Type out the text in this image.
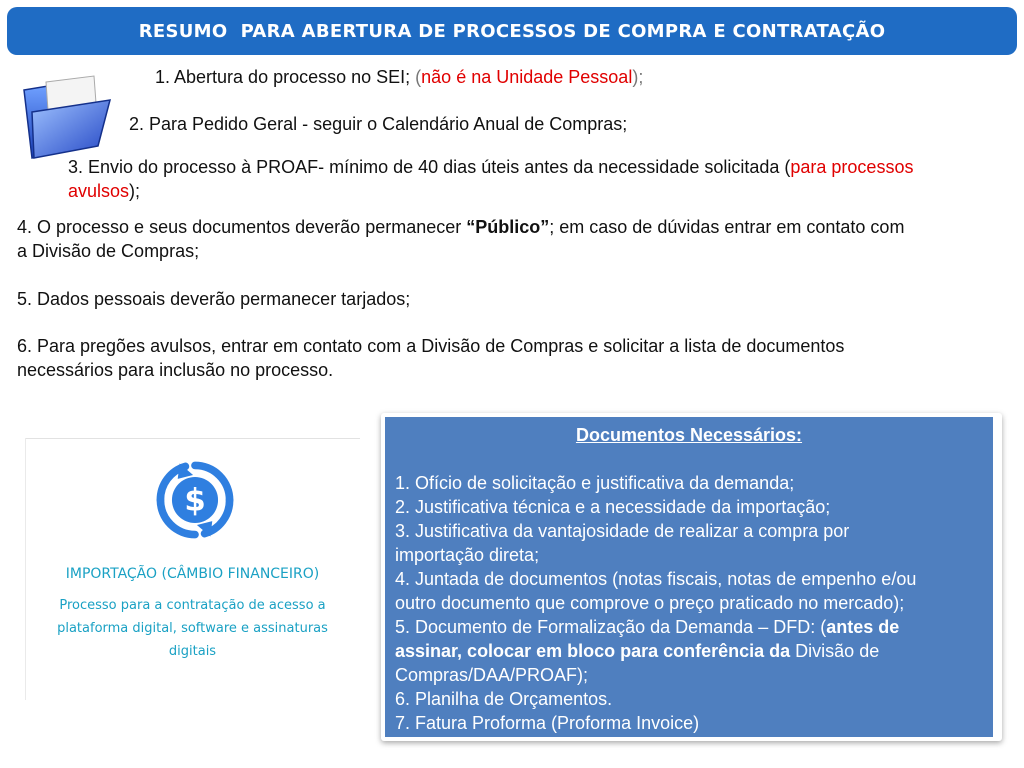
RESUMO  PARA ABERTURA DE PROCESSOS DE COMPRA E CONTRATAÇÃO
1. Abertura do processo no SEI; (não é na Unidade Pessoal);
2. Para Pedido Geral - seguir o Calendário Anual de Compras;
3. Envio do processo à PROAF- mínimo de 40 dias úteis antes da necessidade solicitada (para processos
avulsos);
4. O processo e seus documentos deverão permanecer “Público”; em caso de dúvidas entrar em contato com
a Divisão de Compras;
5. Dados pessoais deverão permanecer tarjados;
6. Para pregões avulsos, entrar em contato com a Divisão de Compras e solicitar a lista de documentos
necessários para inclusão no processo.
$
IMPORTAÇÃO (CÂMBIO FINANCEIRO)
Processo para a contratação de acesso a
plataforma digital, software e assinaturas
digitais
Documentos Necessários:
1. Ofício de solicitação e justificativa da demanda;
2. Justificativa técnica e a necessidade da importação;
3. Justificativa da vantajosidade de realizar a compra por
importação direta;
4. Juntada de documentos (notas fiscais, notas de empenho e/ou
outro documento que comprove o preço praticado no mercado);
5. Documento de Formalização da Demanda – DFD: (antes de
assinar, colocar em bloco para conferência da Divisão de
Compras/DAA/PROAF);
6. Planilha de Orçamentos.
7. Fatura Proforma (Proforma Invoice)
